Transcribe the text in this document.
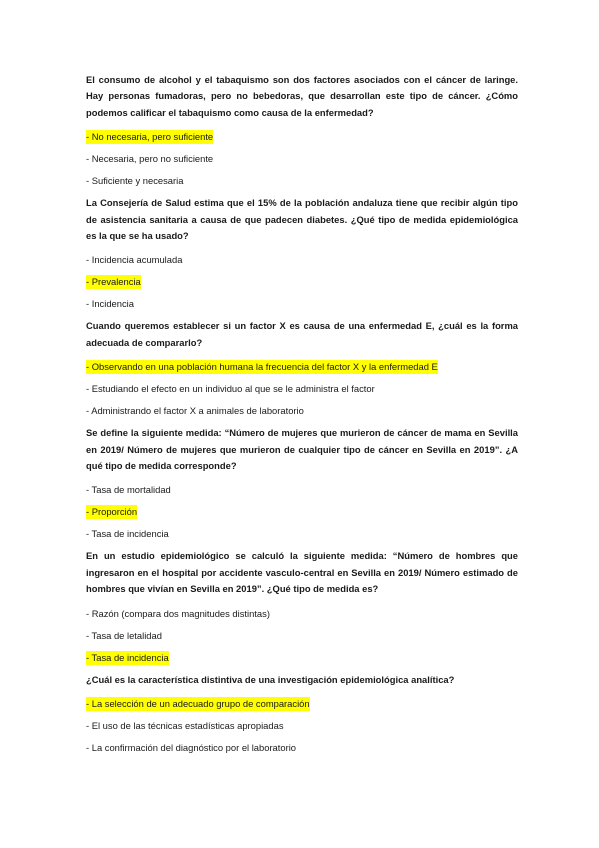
El consumo de alcohol y el tabaquismo son dos factores asociados con el cáncer de laringe. Hay personas fumadoras, pero no bebedoras, que desarrollan este tipo de cáncer. ¿Cómo podemos calificar el tabaquismo como causa de la enfermedad?

- No necesaria, pero suficiente

- Necesaria, pero no suficiente

- Suficiente y necesaria

La Consejería de Salud estima que el 15% de la población andaluza tiene que recibir algún tipo de asistencia sanitaria a causa de que padecen diabetes. ¿Qué tipo de medida epidemiológica es la que se ha usado?

- Incidencia acumulada

- Prevalencia

- Incidencia

Cuando queremos establecer si un factor X es causa de una enfermedad E, ¿cuál es la forma adecuada de compararlo?

- Observando en una población humana la frecuencia del factor X y la enfermedad E

- Estudiando el efecto en un individuo al que se le administra el factor

- Administrando el factor X a animales de laboratorio

Se define la siguiente medida: “Número de mujeres que murieron de cáncer de mama en Sevilla en 2019/ Número de mujeres que murieron de cualquier tipo de cáncer en Sevilla en 2019”. ¿A qué tipo de medida corresponde?

- Tasa de mortalidad

- Proporción

- Tasa de incidencia

En un estudio epidemiológico se calculó la siguiente medida: “Número de hombres que ingresaron en el hospital por accidente vasculo-central en Sevilla en 2019/ Número estimado de hombres que vivían en Sevilla en 2019”. ¿Qué tipo de medida es?

- Razón (compara dos magnitudes distintas)

- Tasa de letalidad

- Tasa de incidencia

¿Cuál es la característica distintiva de una investigación epidemiológica analítica?

- La selección de un adecuado grupo de comparación

- El uso de las técnicas estadísticas apropiadas

- La confirmación del diagnóstico por el laboratorio
